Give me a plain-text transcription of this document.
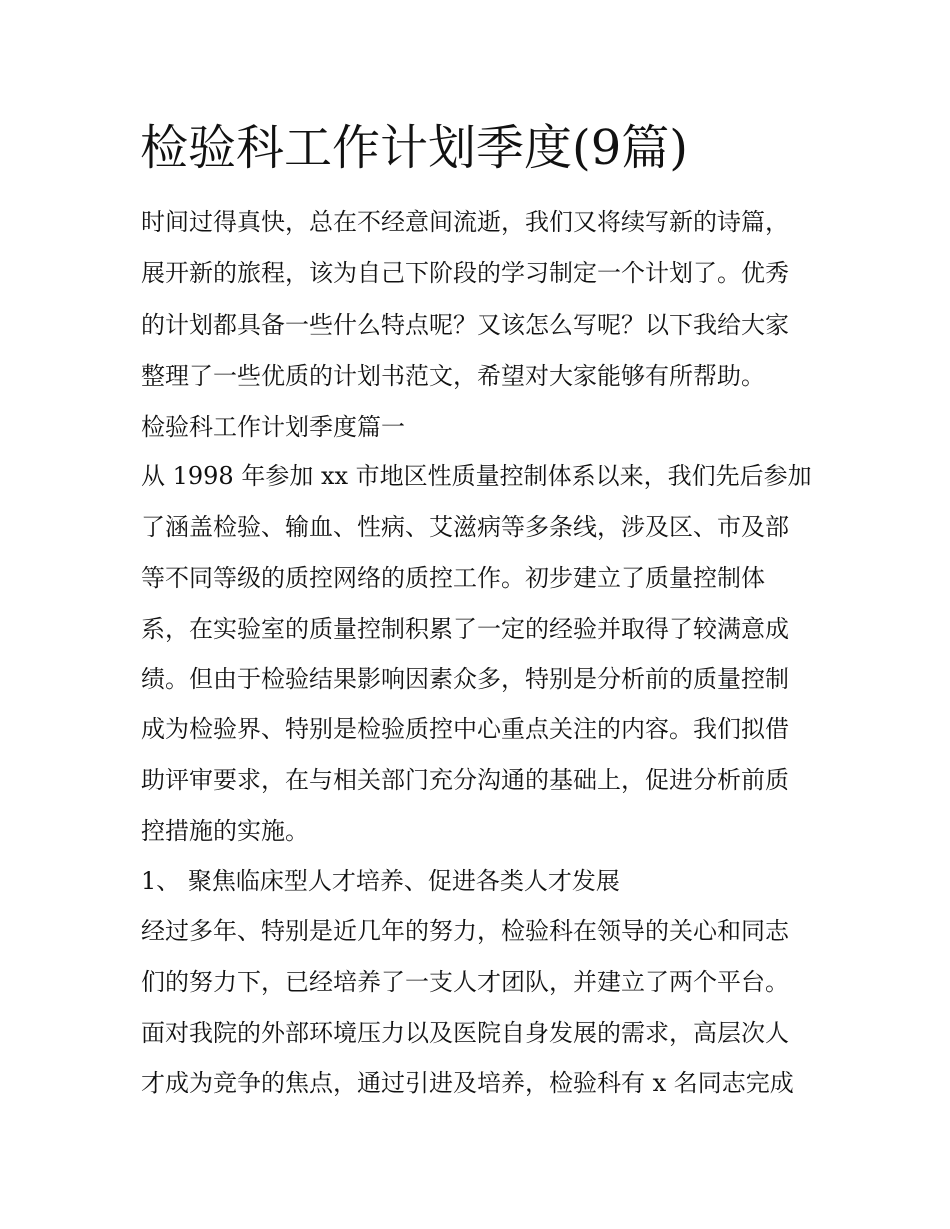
检验科工作计划季度(9篇)

时间过得真快，总在不经意间流逝，我们又将续写新的诗篇，

展开新的旅程，该为自己下阶段的学习制定一个计划了。优秀

的计划都具备一些什么特点呢？又该怎么写呢？以下我给大家

整理了一些优质的计划书范文，希望对大家能够有所帮助。

检验科工作计划季度篇一

从 1998 年参加 xx 市地区性质量控制体系以来，我们先后参加

了涵盖检验、输血、性病、艾滋病等多条线，涉及区、市及部

等不同等级的质控网络的质控工作。初步建立了质量控制体

系，在实验室的质量控制积累了一定的经验并取得了较满意成

绩。但由于检验结果影响因素众多，特别是分析前的质量控制

成为检验界、特别是检验质控中心重点关注的内容。我们拟借

助评审要求，在与相关部门充分沟通的基础上，促进分析前质

控措施的实施。

1、 聚焦临床型人才培养、促进各类人才发展

经过多年、特别是近几年的努力，检验科在领导的关心和同志

们的努力下，已经培养了一支人才团队，并建立了两个平台。

面对我院的外部环境压力以及医院自身发展的需求，高层次人

才成为竞争的焦点，通过引进及培养，检验科有 x 名同志完成
